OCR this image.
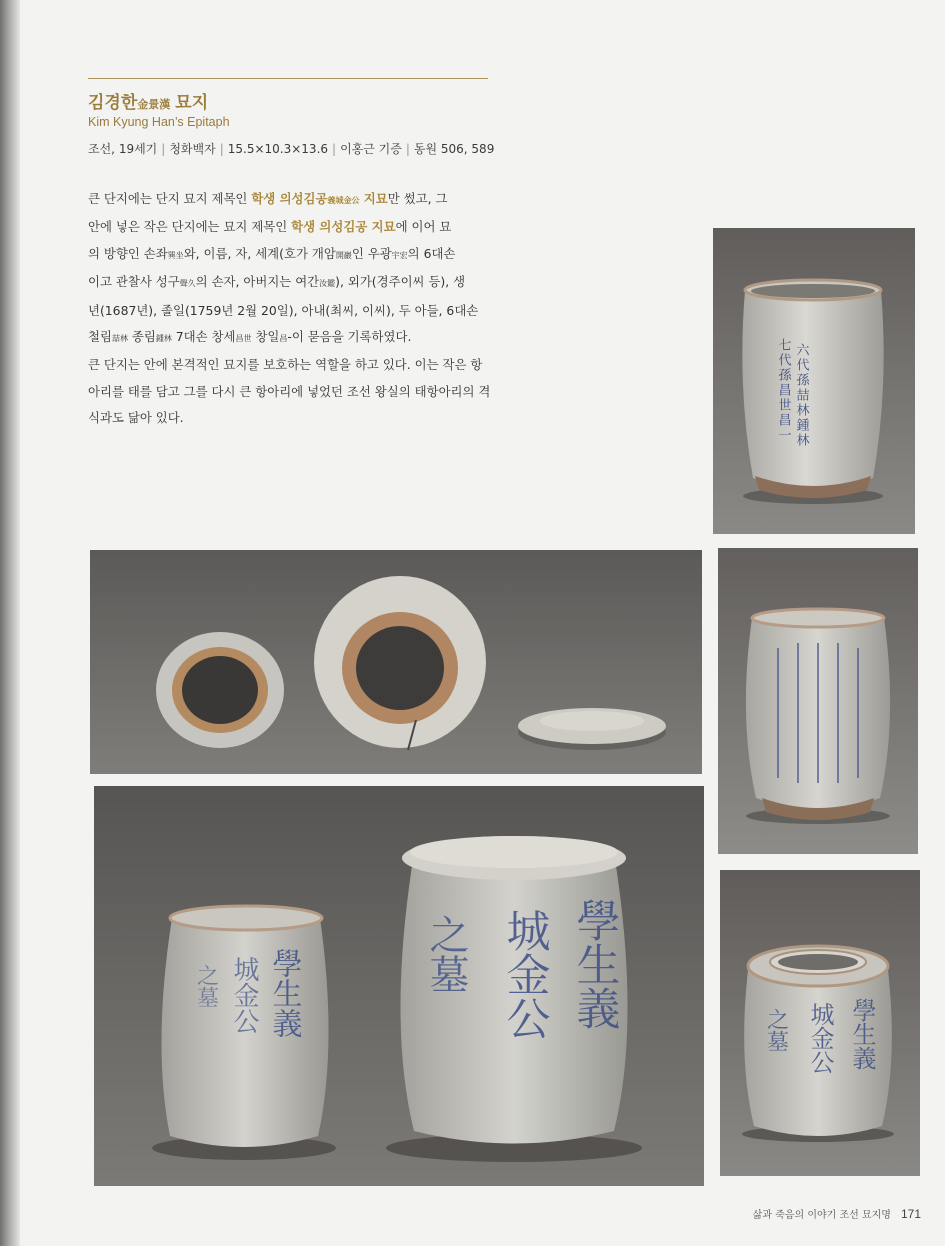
김경한金景漢 묘지
Kim Kyung Han’s Epitaph
조선, 19세기 | 청화백자 | 15.5×10.3×13.6 | 이홍근 기증 | 동원 506, 589
큰 단지에는 단지 묘지 제목인 학생 의성김공義城金公 지묘만 썼고, 그
안에 넣은 작은 단지에는 묘지 제목인 학생 의성김공 지묘에 이어 묘
의 방향인 손좌巽坐와, 이름, 자, 세계(호가 개암開巖인 우광宇宏의 6대손
이고 관찰사 성구聲久의 손자, 아버지는 여간汝鑑), 외가(경주이씨 등), 생
년(1687년), 졸일(1759년 2월 20일), 아내(최씨, 이씨), 두 아들, 6대손
철림喆林 종림鍾林 7대손 창세昌世 창일昌-이 묻음을 기록하였다.
큰 단지는 안에 본격적인 묘지를 보호하는 역할을 하고 있다. 이는 작은 항아리를 태를 담고 그를 다시 큰 항아리에 넣었던 조선 왕실의 태항아리의 격식과도 닮아 있다.	六代孫喆林鍾林
七代孫昌世昌一
學生義
城金公
之墓	學生義
城金公
之墓
學生義
城金公
之墓
삶과 죽음의 이야기 조선 묘지명 171
